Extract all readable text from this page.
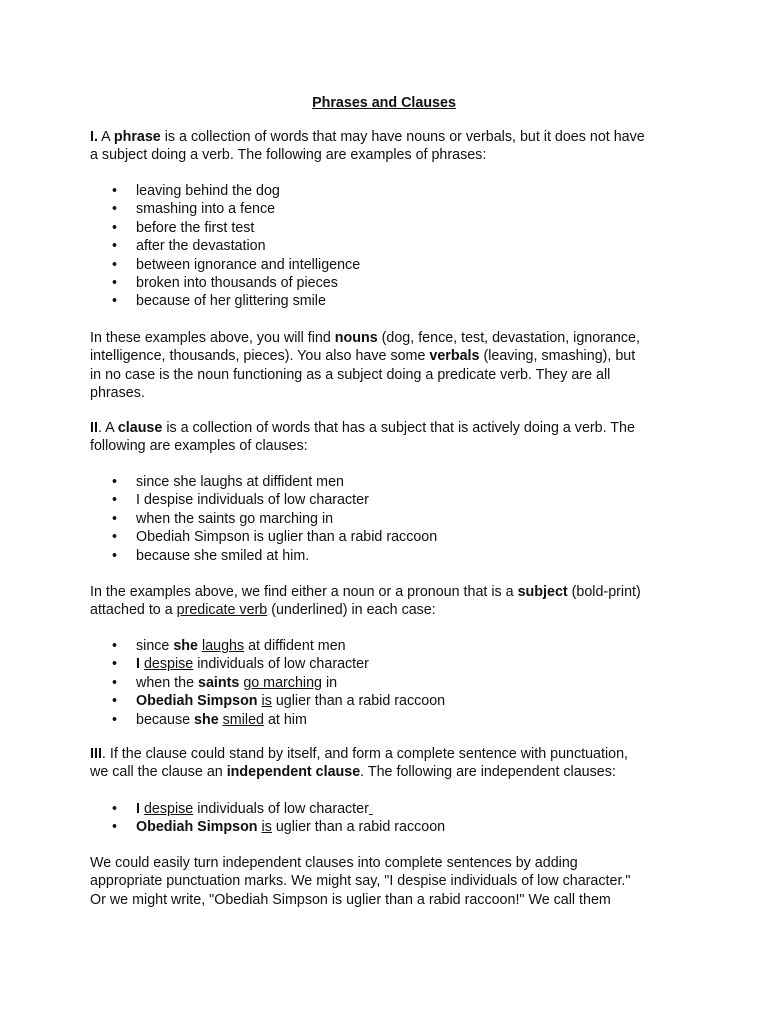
Phrases and Clauses

I. A phrase is a collection of words that may have nouns or verbals, but it does not have
a subject doing a verb. The following are examples of phrases:

• leaving behind the dog
• smashing into a fence
• before the first test
• after the devastation
• between ignorance and intelligence
• broken into thousands of pieces
• because of her glittering smile

In these examples above, you will find nouns (dog, fence, test, devastation, ignorance,
intelligence, thousands, pieces). You also have some verbals (leaving, smashing), but
in no case is the noun functioning as a subject doing a predicate verb. They are all
phrases.

II. A clause is a collection of words that has a subject that is actively doing a verb. The
following are examples of clauses:

• since she laughs at diffident men
• I despise individuals of low character
• when the saints go marching in
• Obediah Simpson is uglier than a rabid raccoon
• because she smiled at him.

In the examples above, we find either a noun or a pronoun that is a subject (bold-print)
attached to a predicate verb (underlined) in each case:

• since she laughs at diffident men
• I despise individuals of low character
• when the saints go marching in
• Obediah Simpson is uglier than a rabid raccoon
• because she smiled at him

III. If the clause could stand by itself, and form a complete sentence with punctuation,
we call the clause an independent clause. The following are independent clauses:

• I despise individuals of low character
• Obediah Simpson is uglier than a rabid raccoon

We could easily turn independent clauses into complete sentences by adding
appropriate punctuation marks. We might say, "I despise individuals of low character."
Or we might write, "Obediah Simpson is uglier than a rabid raccoon!" We call them
